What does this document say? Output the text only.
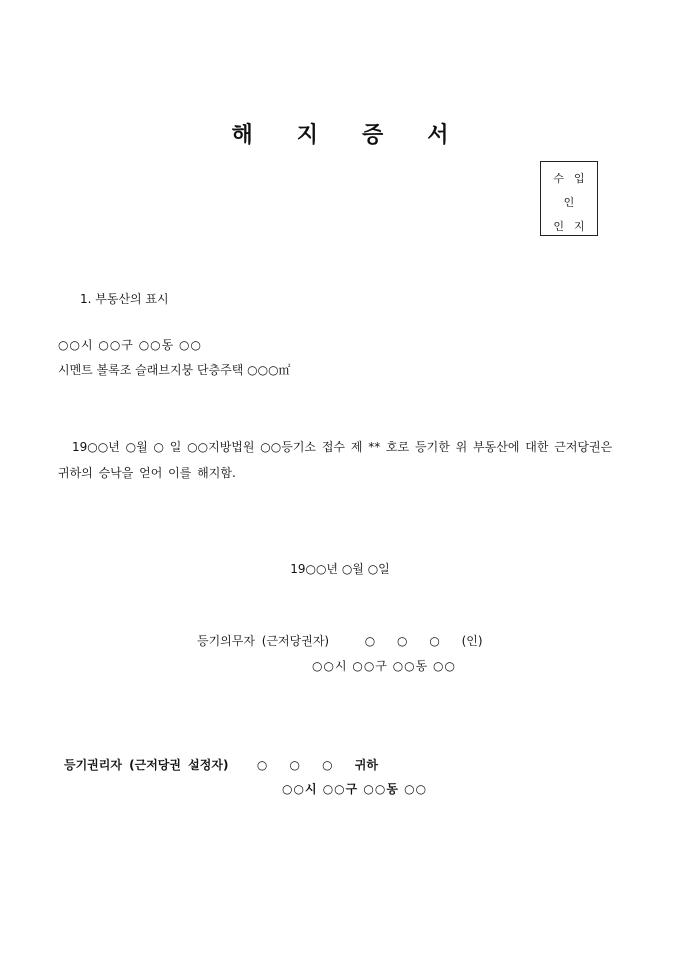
해지증서
수입
인
인지
1. 부동산의 표시
○○시 ○○구 ○○동 ○○
시멘트 볼록조 슬래브지붕 단층주택 ○○○㎡
19○○년 ○월 ○ 일 ○○지방법원 ○○등기소 접수 제 ** 호로 등기한 위 부동산에 대한 근저당권은 귀하의 승낙을 얻어 이를 해지함.
19○○년 ○월 ○일
등기의무자 (근저당권자)	○ ○ ○ (인)
○○시 ○○구 ○○동 ○○
등기권리자 (근저당권 설정자) ○ ○ ○ 귀하
○○시 ○○구 ○○동 ○○
